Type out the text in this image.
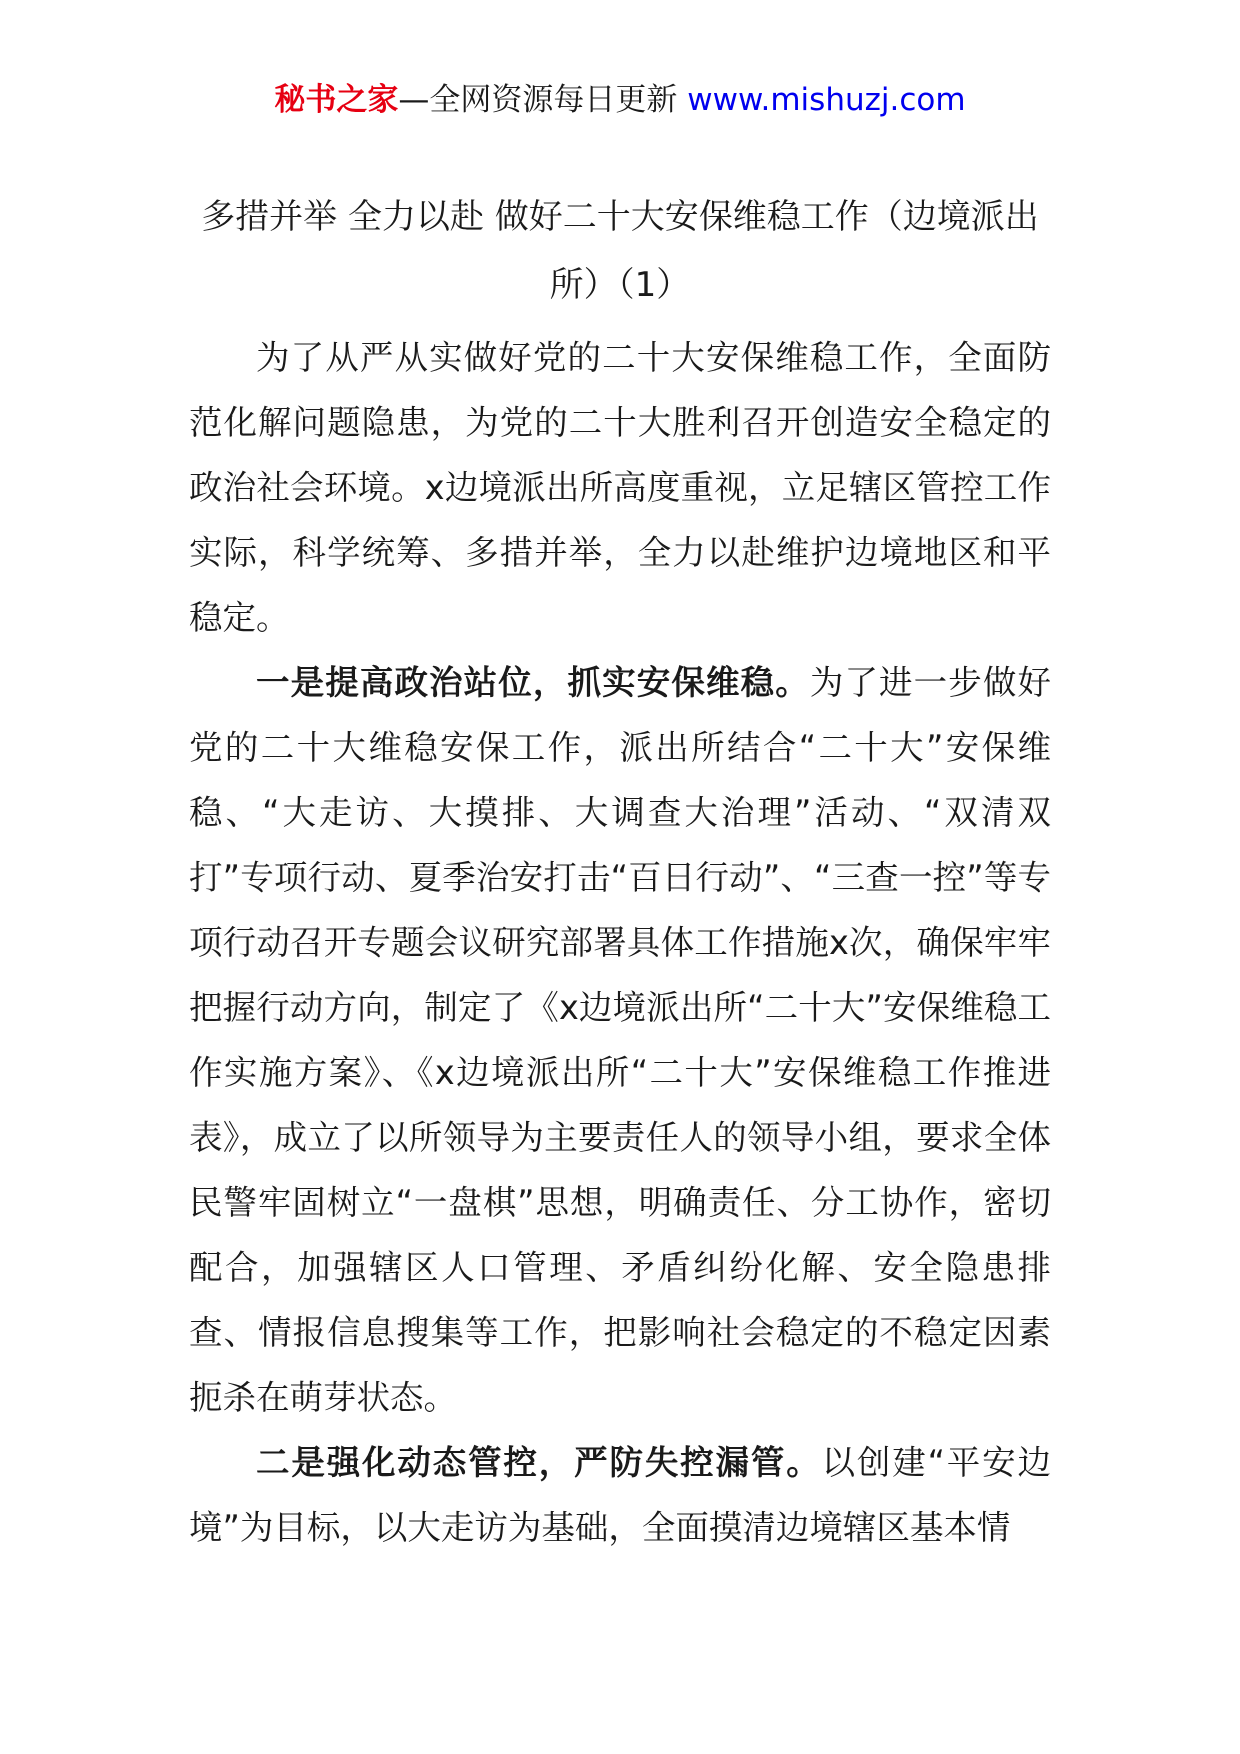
秘书之家—全网资源每日更新 www.mishuzj.com
多措并举 全力以赴 做好二十大安保维稳工作（边境派出所）（1）

为了从严从实做好党的二十大安保维稳工作，全面防范化解问题隐患，为党的二十大胜利召开创造安全稳定的政治社会环境。x边境派出所高度重视，立足辖区管控工作实际，科学统筹、多措并举，全力以赴维护边境地区和平稳定。

一是提高政治站位，抓实安保维稳。为了进一步做好党的二十大维稳安保工作，派出所结合“二十大”安保维稳、“大走访、大摸排、大调查大治理”活动、“双清双打”专项行动、夏季治安打击“百日行动”、“三查一控”等专项行动召开专题会议研究部署具体工作措施x次，确保牢牢把握行动方向，制定了《x边境派出所“二十大”安保维稳工作实施方案》、《x边境派出所“二十大”安保维稳工作推进表》，成立了以所领导为主要责任人的领导小组，要求全体民警牢固树立“一盘棋”思想，明确责任、分工协作，密切配合，加强辖区人口管理、矛盾纠纷化解、安全隐患排查、情报信息搜集等工作，把影响社会稳定的不稳定因素扼杀在萌芽状态。

二是强化动态管控，严防失控漏管。以创建“平安边境”为目标，以大走访为基础，全面摸清边境辖区基本情
